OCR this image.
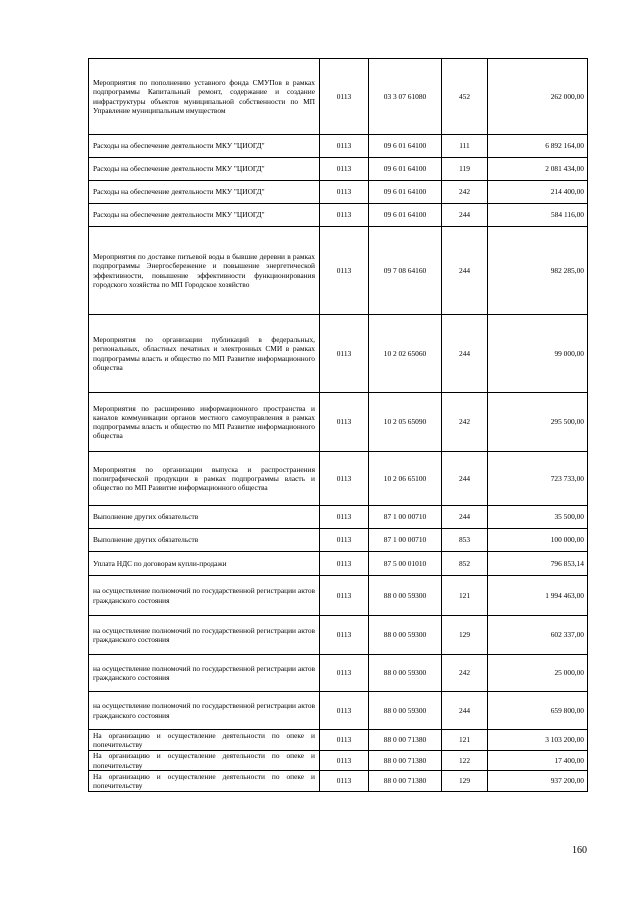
Мероприятия по пополнению уставного фонда СМУПов в рамках подпрограммы Капитальный ремонт, содержание и создание инфраструктуры объектов муниципальной собственности по МП Управление муниципальным имуществом	0113	03 3 07 61080	452	262 000,00
Расходы на обеспечение деятельности МКУ "ЦИОГД"	0113	09 6 01 64100	111	6 892 164,00
Расходы на обеспечение деятельности МКУ "ЦИОГД"	0113	09 6 01 64100	119	2 081 434,00
Расходы на обеспечение деятельности МКУ "ЦИОГД"	0113	09 6 01 64100	242	214 400,00
Расходы на обеспечение деятельности МКУ "ЦИОГД"	0113	09 6 01 64100	244	584 116,00
Мероприятия по доставке питьевой воды в бывшие деревни в рамках подпрограммы Энергосбережение и повышение энергетической эффективности, повышение эффективности функционирования городского хозяйства по МП Городское хозяйство	0113	09 7 08 64160	244	982 285,00
Мероприятия по организации публикаций в федеральных, региональных, областных печатных и электронных СМИ в рамках подпрограммы власть и общество по МП Развитие информационного общества	0113	10 2 02 65060	244	99 000,00
Мероприятия по расширению информационного пространства и каналов коммуникации органов местного самоуправления в рамках подпрограммы власть и общество по МП Развитие информационного общества	0113	10 2 05 65090	242	295 500,00
Мероприятия по организации выпуска и распространения полиграфической продукции в рамках подпрограммы власть и общество по МП Развитие информационного общества	0113	10 2 06 65100	244	723 733,00
Выполнение других обязательств	0113	87 1 00 00710	244	35 500,00
Выполнение других обязательств	0113	87 1 00 00710	853	100 000,00
Уплата НДС по договорам купли-продажи	0113	87 5 00 01010	852	796 853,14
на осуществление полномочий по государственной регистрации актов гражданского состояния	0113	88 0 00 59300	121	1 994 463,00
на осуществление полномочий по государственной регистрации актов гражданского состояния	0113	88 0 00 59300	129	602 337,00
на осуществление полномочий по государственной регистрации актов гражданского состояния	0113	88 0 00 59300	242	25 000,00
на осуществление полномочий по государственной регистрации актов гражданского состояния	0113	88 0 00 59300	244	659 800,00
На организацию и осуществление деятельности по опеке и попечительству	0113	88 0 00 71380	121	3 103 200,00
На организацию и осуществление деятельности по опеке и попечительству	0113	88 0 00 71380	122	17 400,00
На организацию и осуществление деятельности по опеке и попечительству	0113	88 0 00 71380	129	937 200,00
160
